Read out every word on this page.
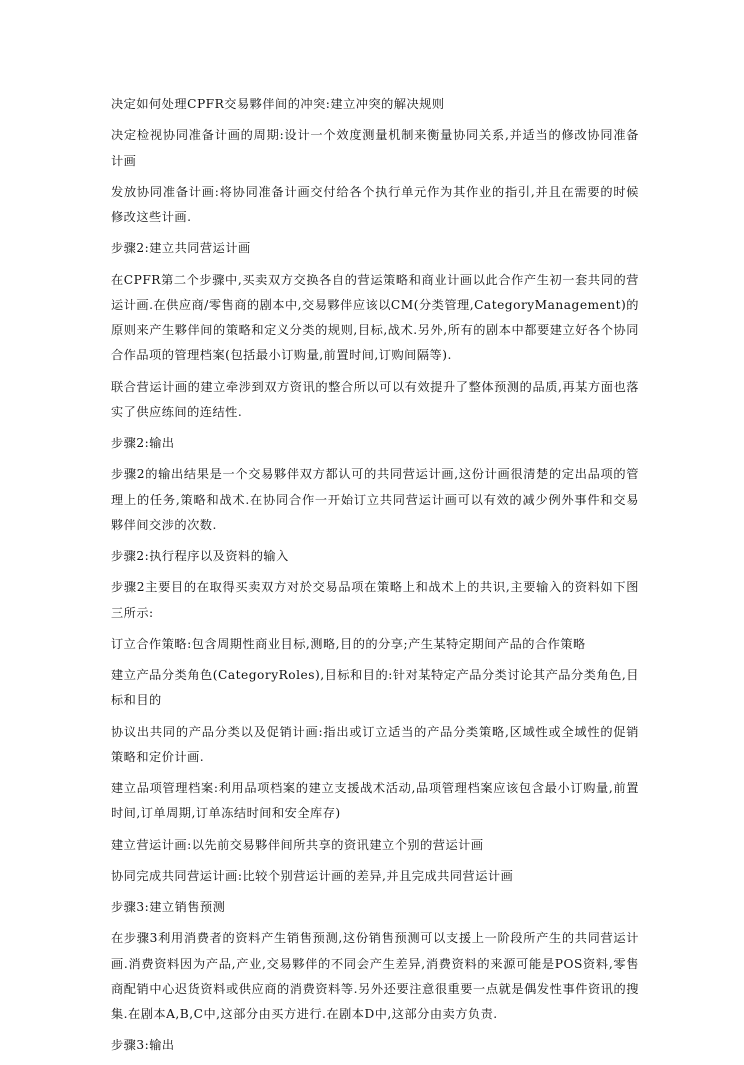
决定如何处理CPFR交易夥伴间的冲突:建立冲突的解决规则

决定检视协同准备计画的周期:设计一个效度测量机制来衡量协同关系,并适当的修改协同准备计画

发放协同准备计画:将协同准备计画交付给各个执行单元作为其作业的指引,并且在需要的时候修改这些计画.

步骤2:建立共同营运计画

在CPFR第二个步骤中,买卖双方交换各自的营运策略和商业计画以此合作产生初一套共同的营运计画.在供应商/零售商的剧本中,交易夥伴应该以CM(分类管理,CategoryManagement)的原则来产生夥伴间的策略和定义分类的规则,目标,战术.另外,所有的剧本中都要建立好各个协同合作品项的管理档案(包括最小订购量,前置时间,订购间隔等).

联合营运计画的建立牵涉到双方资讯的整合所以可以有效提升了整体预测的品质,再某方面也落实了供应练间的连结性.

步骤2:输出

步骤2的输出结果是一个交易夥伴双方都认可的共同营运计画,这份计画很清楚的定出品项的管理上的任务,策略和战术.在协同合作一开始订立共同营运计画可以有效的减少例外事件和交易夥伴间交涉的次数.

步骤2:执行程序以及资料的输入

步骤2主要目的在取得买卖双方对於交易品项在策略上和战术上的共识,主要输入的资料如下图三所示:

订立合作策略:包含周期性商业目标,测略,目的的分享;产生某特定期间产品的合作策略

建立产品分类角色(CategoryRoles),目标和目的:针对某特定产品分类讨论其产品分类角色,目标和目的

协议出共同的产品分类以及促销计画:指出或订立适当的产品分类策略,区域性或全域性的促销策略和定价计画.

建立品项管理档案:利用品项档案的建立支援战术活动,品项管理档案应该包含最小订购量,前置时间,订单周期,订单冻结时间和安全库存)

建立营运计画:以先前交易夥伴间所共享的资讯建立个别的营运计画

协同完成共同营运计画:比较个别营运计画的差异,并且完成共同营运计画

步骤3:建立销售预测

在步骤3利用消费者的资料产生销售预测,这份销售预测可以支援上一阶段所产生的共同营运计画.消费资料因为产品,产业,交易夥伴的不同会产生差异,消费资料的来源可能是POS资料,零售商配销中心迟货资料或供应商的消费资料等.另外还要注意很重要一点就是偶发性事件资讯的搜集.在剧本A,B,C中,这部分由买方进行.在剧本D中,这部分由卖方负责.

步骤3:输出
